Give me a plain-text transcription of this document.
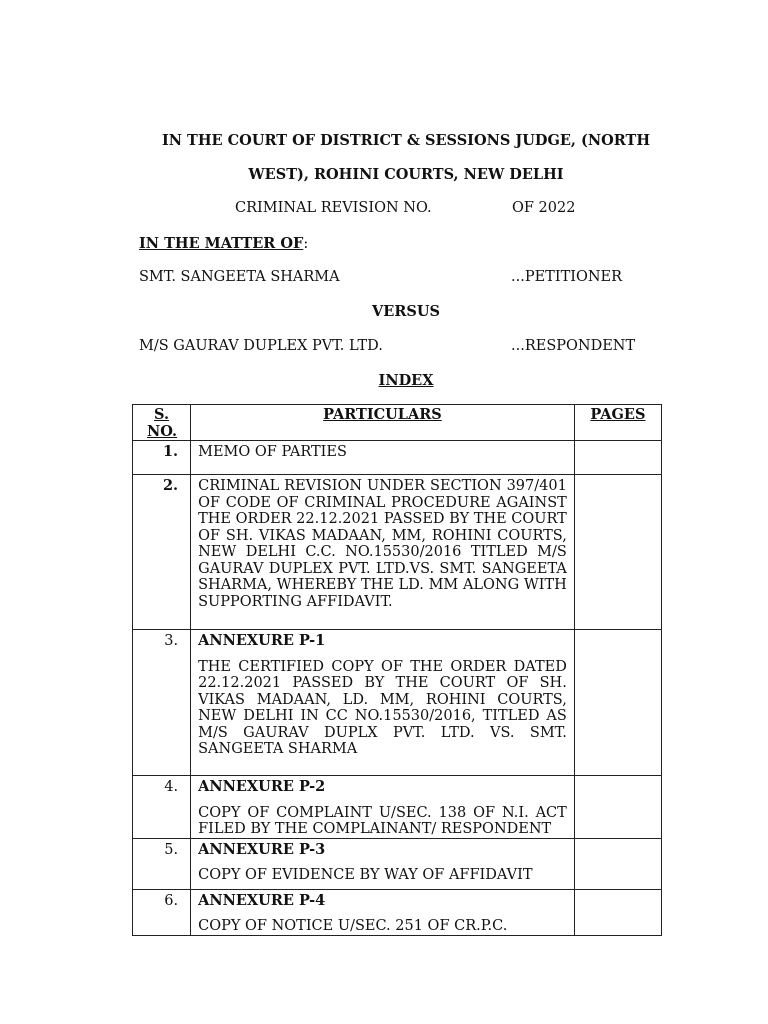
IN THE COURT OF DISTRICT & SESSIONS JUDGE, (NORTH
WEST), ROHINI COURTS, NEW DELHI
CRIMINAL REVISION NO.	OF 2022
IN THE MATTER OF:
SMT. SANGEETA SHARMA	...PETITIONER
VERSUS
M/S GAURAV DUPLEX PVT. LTD.	...RESPONDENT
INDEX
S. NO.	PARTICULARS	PAGES
1.	MEMO OF PARTIES	
2.	CRIMINAL REVISION UNDER SECTION 397/401 OF CODE OF CRIMINAL PROCEDURE AGAINST THE ORDER 22.12.2021 PASSED BY THE COURT OF SH. VIKAS MADAAN, MM, ROHINI COURTS, NEW DELHI C.C. NO.15530/2016 TITLED M/S GAURAV DUPLEX PVT. LTD.VS. SMT. SANGEETA SHARMA, WHEREBY THE LD. MM ALONG WITH SUPPORTING AFFIDAVIT.	
3.	ANNEXURE P-1
THE CERTIFIED COPY OF THE ORDER DATED 22.12.2021 PASSED BY THE COURT OF SH. VIKAS MADAAN, LD. MM, ROHINI COURTS, NEW DELHI IN CC NO.15530/2016, TITLED AS M/S GAURAV DUPLX PVT. LTD. VS. SMT. SANGEETA SHARMA	

4.	ANNEXURE P-2
COPY OF COMPLAINT U/SEC. 138 OF N.I. ACT FILED BY THE COMPLAINANT/ RESPONDENT	

5.	ANNEXURE P-3
COPY OF EVIDENCE BY WAY OF AFFIDAVIT	

6.	ANNEXURE P-4
COPY OF NOTICE U/SEC. 251 OF CR.P.C.	
